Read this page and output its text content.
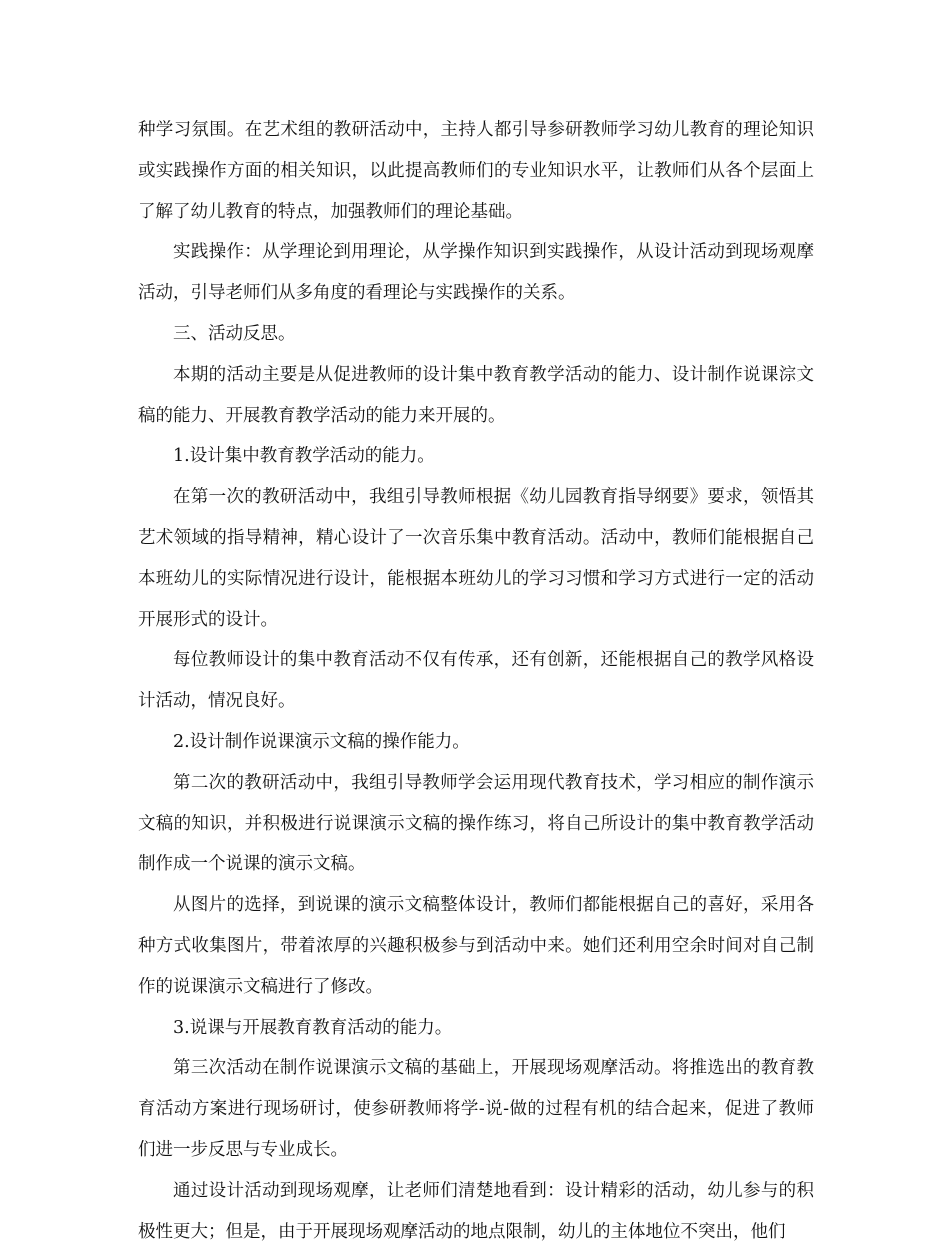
种学习氛围。在艺术组的教研活动中，主持人都引导参研教师学习幼儿教育的理论知识或实践操作方面的相关知识，以此提高教师们的专业知识水平，让教师们从各个层面上了解了幼儿教育的特点，加强教师们的理论基础。

实践操作：从学理论到用理论，从学操作知识到实践操作，从设计活动到现场观摩活动，引导老师们从多角度的看理论与实践操作的关系。

三、活动反思。

本期的活动主要是从促进教师的设计集中教育教学活动的能力、设计制作说课淙文稿的能力、开展教育教学活动的能力来开展的。

1.设计集中教育教学活动的能力。

在第一次的教研活动中，我组引导教师根据《幼儿园教育指导纲要》要求，领悟其艺术领域的指导精神，精心设计了一次音乐集中教育活动。活动中，教师们能根据自己本班幼儿的实际情况进行设计，能根据本班幼儿的学习习惯和学习方式进行一定的活动开展形式的设计。

每位教师设计的集中教育活动不仅有传承，还有创新，还能根据自己的教学风格设计活动，情况良好。

2.设计制作说课演示文稿的操作能力。

第二次的教研活动中，我组引导教师学会运用现代教育技术，学习相应的制作演示文稿的知识，并积极进行说课演示文稿的操作练习，将自己所设计的集中教育教学活动制作成一个说课的演示文稿。

从图片的选择，到说课的演示文稿整体设计，教师们都能根据自己的喜好，采用各种方式收集图片，带着浓厚的兴趣积极参与到活动中来。她们还利用空余时间对自己制作的说课演示文稿进行了修改。

3.说课与开展教育教育活动的能力。

第三次活动在制作说课演示文稿的基础上，开展现场观摩活动。将推选出的教育教育活动方案进行现场研讨，使参研教师将学-说-做的过程有机的结合起来，促进了教师们进一步反思与专业成长。

通过设计活动到现场观摩，让老师们清楚地看到：设计精彩的活动，幼儿参与的积极性更大；但是，由于开展现场观摩活动的地点限制，幼儿的主体地位不突出，他们
